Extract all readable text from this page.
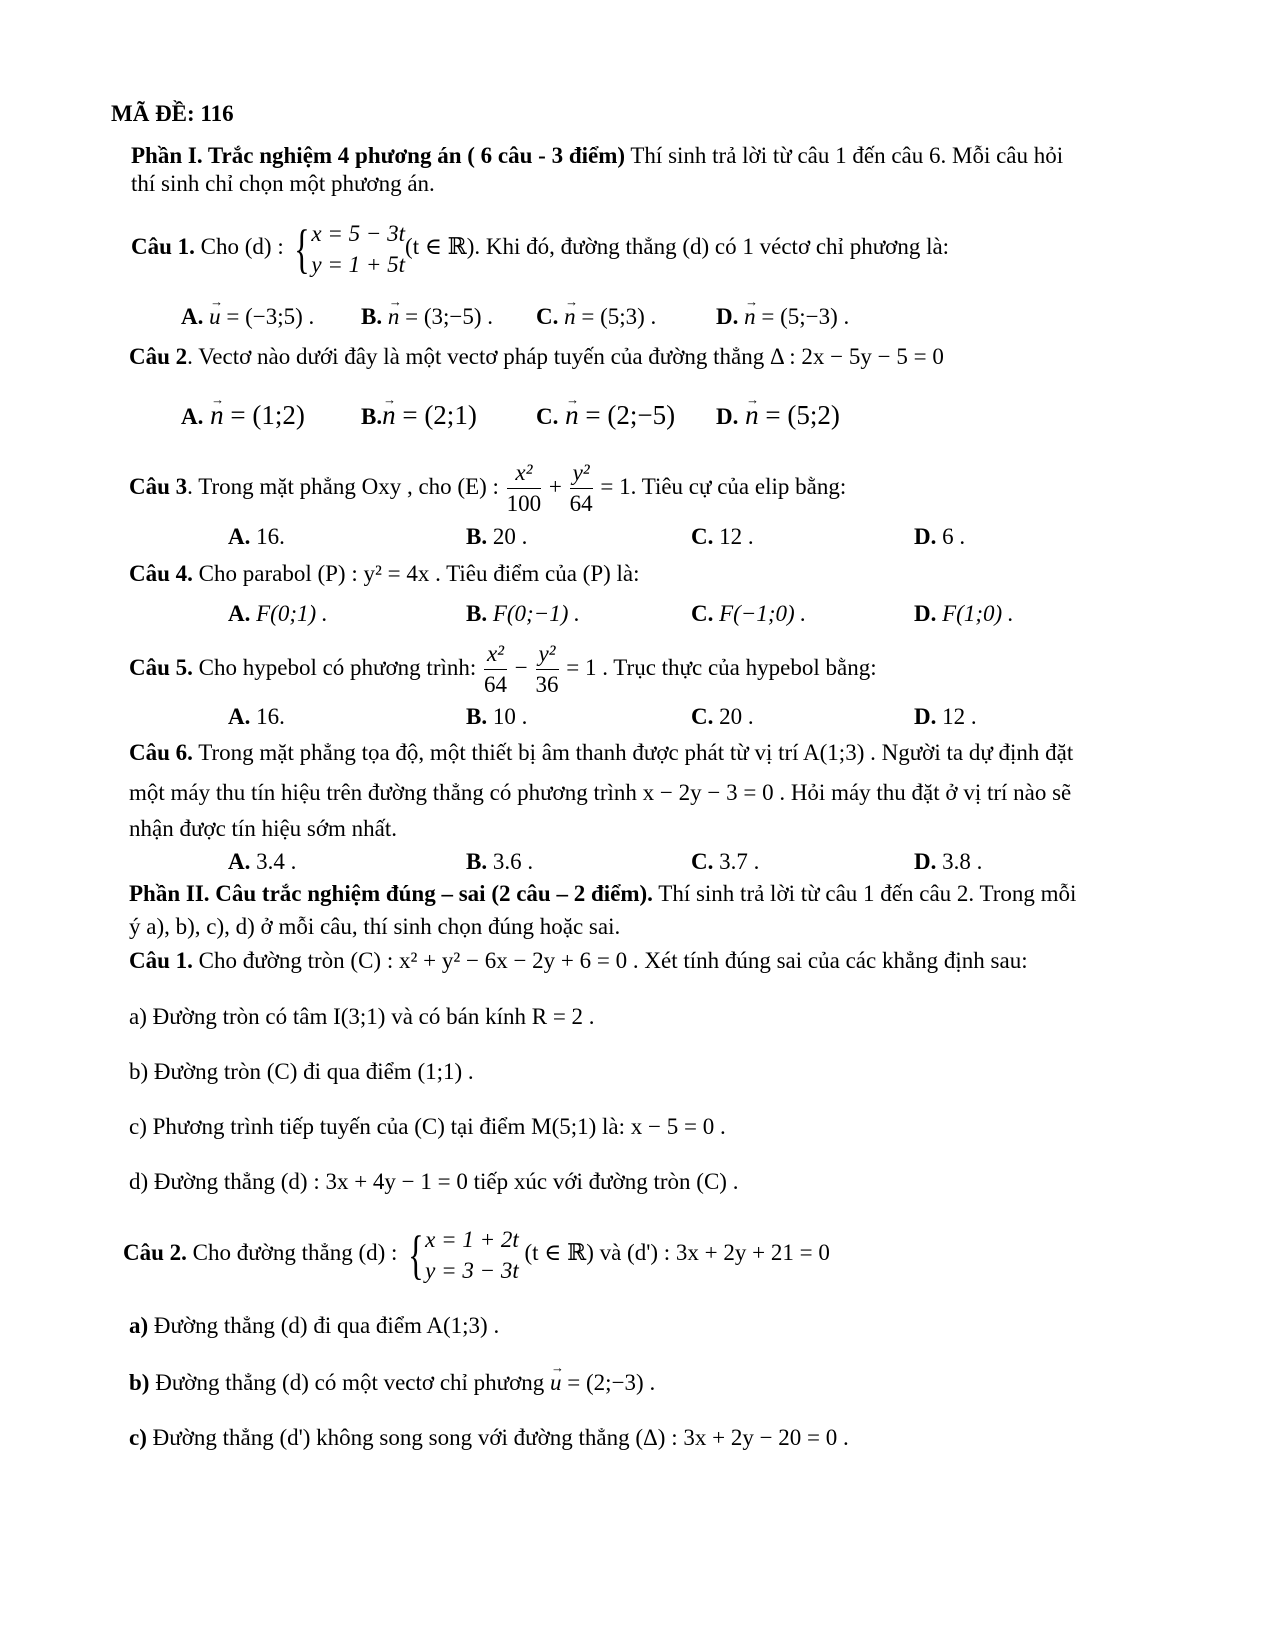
MÃ ĐỀ: 116
Phần I. Trắc nghiệm 4 phương án ( 6 câu - 3 điểm) Thí sinh trả lời từ câu 1 đến câu 6. Mỗi câu hỏi
thí sinh chỉ chọn một phương án.
Câu 1. Cho (d) : { x = 5 − 3t
y = 1 + 5t
(t ∈ ℝ). Khi đó, đường thẳng (d) có 1 véctơ chỉ phương là:
A. → u = (−3;5) . B. → n = (3;−5) . C. → n = (5;3) .	D. → n = (5;−3) .
Câu 2. Vectơ nào dưới đây là một vectơ pháp tuyến của đường thẳng Δ : 2x − 5y − 5 = 0
A. → n = (1;2) B.→ n = (2;1)	C. → n = (2;−5) D. → n = (5;2)
Câu 3. Trong mặt phẳng Oxy , cho (E) : $\frac{\text{x²}}{100} + \frac{\text{y²}}{64} = 1$. Tiêu cự của elip bằng:
A. 16.	B. 20 .	C. 12 .	D. 6 .
Câu 4. Cho parabol (P) : y² = 4x . Tiêu điểm của (P) là:
A. F(0;1) .	B. F(0;−1) .	C. F(−1;0) .	D. F(1;0) .
Câu 5. Cho hypebol có phương trình: $\frac{\text{x²}}{64} - \frac{\text{y²}}{36} = 1$ . Trục thực của hypebol bằng:
A. 16.	B. 10 .	C. 20 .	D. 12 .
Câu 6. Trong mặt phẳng tọa độ, một thiết bị âm thanh được phát từ vị trí A(1;3) . Người ta dự định đặt
một máy thu tín hiệu trên đường thẳng có phương trình x − 2y − 3 = 0 . Hỏi máy thu đặt ở vị trí nào sẽ
nhận được tín hiệu sớm nhất.
A. 3.4 .	B. 3.6 .	C. 3.7 .	D. 3.8 .
Phần II. Câu trắc nghiệm đúng – sai (2 câu – 2 điểm). Thí sinh trả lời từ câu 1 đến câu 2. Trong mỗi
ý a), b), c), d) ở mỗi câu, thí sinh chọn đúng hoặc sai.
Câu 1. Cho đường tròn (C) : x² + y² − 6x − 2y + 6 = 0 . Xét tính đúng sai của các khẳng định sau:
a) Đường tròn có tâm I(3;1) và có bán kính R = 2 .
b) Đường tròn (C) đi qua điểm (1;1) .
c) Phương trình tiếp tuyến của (C) tại điểm M(5;1) là: x − 5 = 0 .
d) Đường thẳng (d) : 3x + 4y − 1 = 0 tiếp xúc với đường tròn (C) .
Câu 2. Cho đường thẳng (d) : { x = 1 + 2t
y = 3 − 3t
(t ∈ ℝ) và (d') : 3x + 2y + 21 = 0
a) Đường thẳng (d) đi qua điểm A(1;3) .
b) Đường thẳng (d) có một vectơ chỉ phương → u = (2;−3) .
c) Đường thẳng (d') không song song với đường thẳng (Δ) : 3x + 2y − 20 = 0 .
